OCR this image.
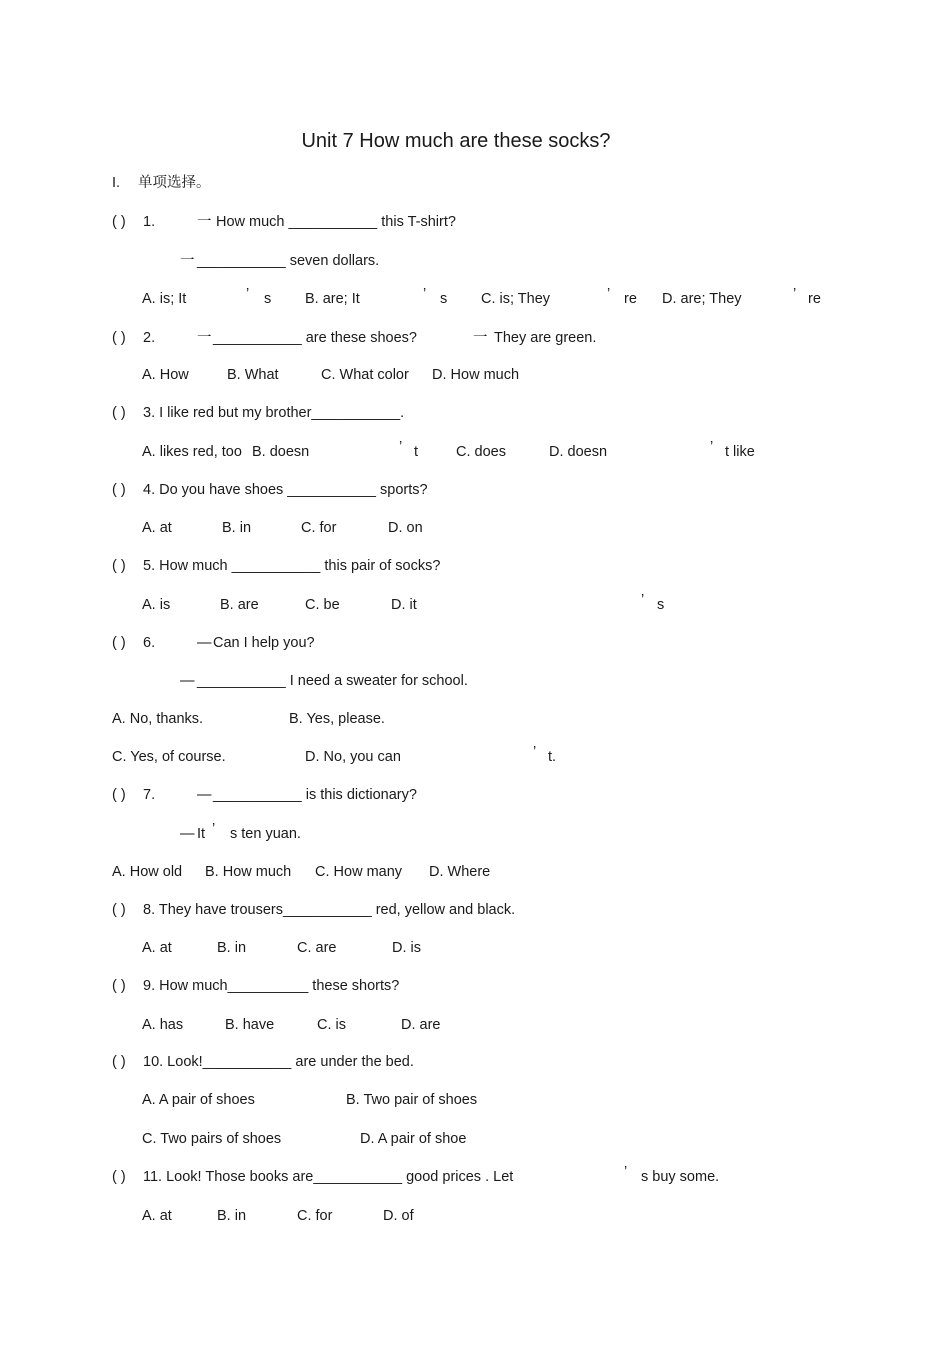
Unit 7 How much are these socks?
I. 单项选择。
( ) 1.	一 How much ___________ this T-shirt?
一 ___________ seven dollars.
A. is; It	’ s B. are; It	’ s C. is; They	’ re D. are; They	’ re
( ) 2.	一 ___________ are these shoes?	一 They are green.
A. How	B. What	C. What color D. How much
( ) 3. I like red but my brother___________.
A. likes red, too B. doesn	’ t	C. does	D. doesn	’ t like
( ) 4. Do you have shoes ___________ sports?
A. at	B. in	C. for	D. on
( ) 5. How much ___________ this pair of socks?
A. is	B. are	C. be	D. it	’ s
( ) 6.	— Can I help you?
— ___________ I need a sweater for school.
A. No, thanks.	B. Yes, please.
C. Yes, of course.	D. No, you can	’ t.
( ) 7.	— ___________ is this dictionary?
— It ’ s ten yuan.
A. How old B. How much C. How many D. Where
( ) 8. They have trousers___________ red, yellow and black.
A. at	B. in	C. are	D. is
( ) 9. How much__________ these shorts?
A. has	B. have	C. is	D. are
( ) 10. Look!___________ are under the bed.
A. A pair of shoes	B. Two pair of shoes
C. Two pairs of shoes	D. A pair of shoe
( ) 11. Look! Those books are___________ good prices . Let	’ s buy some.
A. at	B. in	C. for	D. of
